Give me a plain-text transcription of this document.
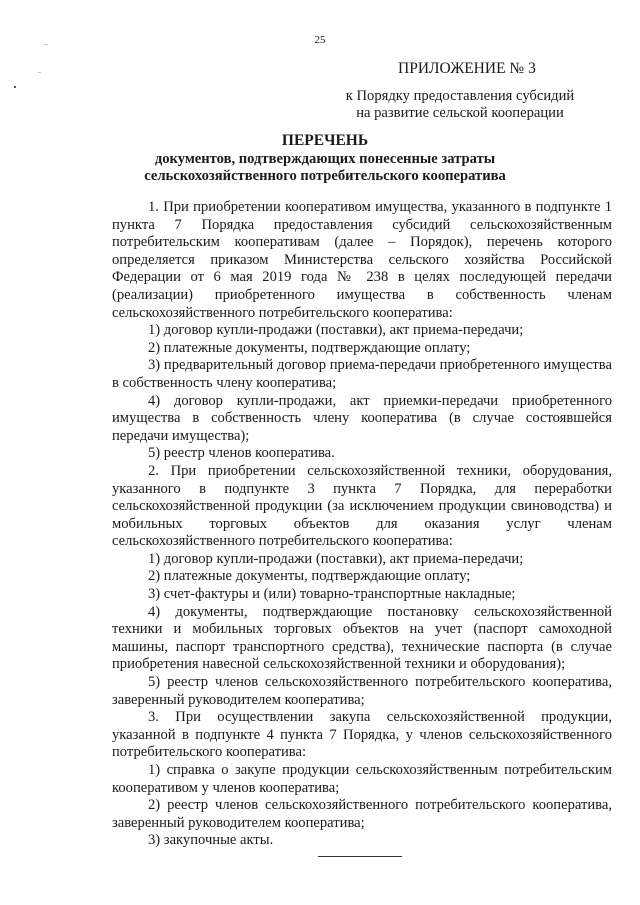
25
ПРИЛОЖЕНИЕ № 3
к Порядку предоставления субсидий
на развитие сельской кооперации
ПЕРЕЧЕНЬ
документов, подтверждающих понесенные затраты
сельскохозяйственного потребительского кооператива

1. При приобретении кооперативом имущества, указанного в подпункте 1 пункта 7 Порядка предоставления субсидий сельскохозяйственным потребительским кооперативам (далее – Порядок), перечень которого определяется приказом Министерства сельского хозяйства Российской Федерации от 6 мая 2019 года № 238 в целях последующей передачи (реализации) приобретенного имущества в собственность членам сельскохозяйственного потребительского кооператива:

1) договор купли-продажи (поставки), акт приема-передачи;

2) платежные документы, подтверждающие оплату;

3) предварительный договор приема-передачи приобретенного имущества в собственность члену кооператива;

4) договор купли-продажи, акт приемки-передачи приобретенного имущества в собственность члену кооператива (в случае состоявшейся передачи имущества);

5) реестр членов кооператива.

2. При приобретении сельскохозяйственной техники, оборудования, указанного в подпункте 3 пункта 7 Порядка, для переработки сельскохозяйственной продукции (за исключением продукции свиноводства) и мобильных торговых объектов для оказания услуг членам сельскохозяйственного потребительского кооператива:

1) договор купли-продажи (поставки), акт приема-передачи;

2) платежные документы, подтверждающие оплату;

3) счет-фактуры и (или) товарно-транспортные накладные;

4) документы, подтверждающие постановку сельскохозяйственной техники и мобильных торговых объектов на учет (паспорт самоходной машины, паспорт транспортного средства), технические паспорта (в случае приобретения навесной сельскохозяйственной техники и оборудования);

5) реестр членов сельскохозяйственного потребительского кооператива, заверенный руководителем кооператива;

3. При осуществлении закупа сельскохозяйственной продукции, указанной в подпункте 4 пункта 7 Порядка, у членов сельскохозяйственного потребительского кооператива:

1) справка о закупе продукции сельскохозяйственным потребительским кооперативом у членов кооператива;

2) реестр членов сельскохозяйственного потребительского кооператива, заверенный руководителем кооператива;

3) закупочные акты.
